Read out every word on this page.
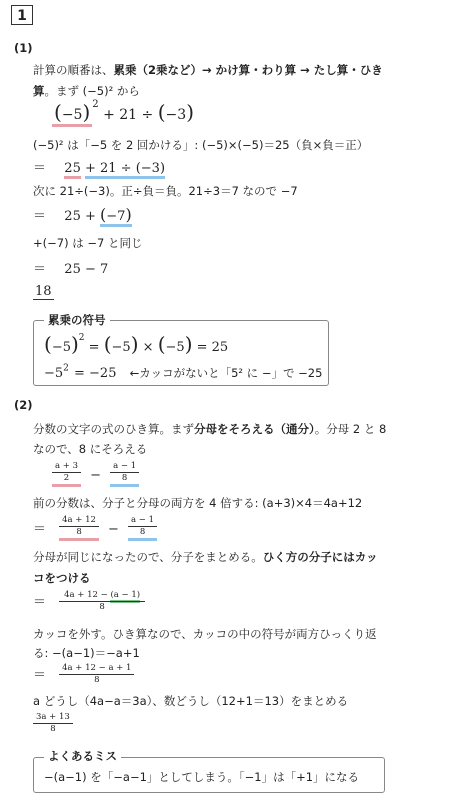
1
(1)
計算の順番は、累乗（2乗など）→ かけ算・わり算 → たし算・ひき
算。まず (−5)² から
(−5) $^2$ + 21 ÷ (−3)
(−5)² は「−5 を 2 回かける」: (−5)×(−5)＝25（負×負＝正）
＝ 25 + 21 ÷ (−3)
次に 21÷(−3)。正÷負＝負。21÷3＝7 なので −7
＝ 25 + (−7)
+(−7) は −7 と同じ
＝ 25 − 7
18
累乗の符号
$(-5)^2 = (-5) \times (-5) = 25$
$-5^2 = -25$ ←カッコがないと「5² に −」で −25
(2)
分数の文字の式のひき算。まず分母をそろえる（通分）。分母 2 と 8
なので、8 にそろえる
$\frac{a + 3}{2} - \frac{a - 1}{8}$
前の分数は、分子と分母の両方を 4 倍する: (a+3)×4＝4a+12
＝ $\frac{4a + 12}{8} - \frac{a - 1}{8}$
分母が同じになったので、分子をまとめる。ひく方の分子にはカッ
コをつける
＝ $\frac{4a + 12 - (a - 1)}{8}$
カッコを外す。ひき算なので、カッコの中の符号が両方ひっくり返
る: −(a−1)＝−a+1
＝ $\frac{4a + 12 - a + 1}{8}$
a どうし（4a−a＝3a）、数どうし（12+1＝13）をまとめる
$\frac{3a + 13}{8}$
よくあるミス
−(a−1) を「−a−1」としてしまう。「−1」は「+1」になる
